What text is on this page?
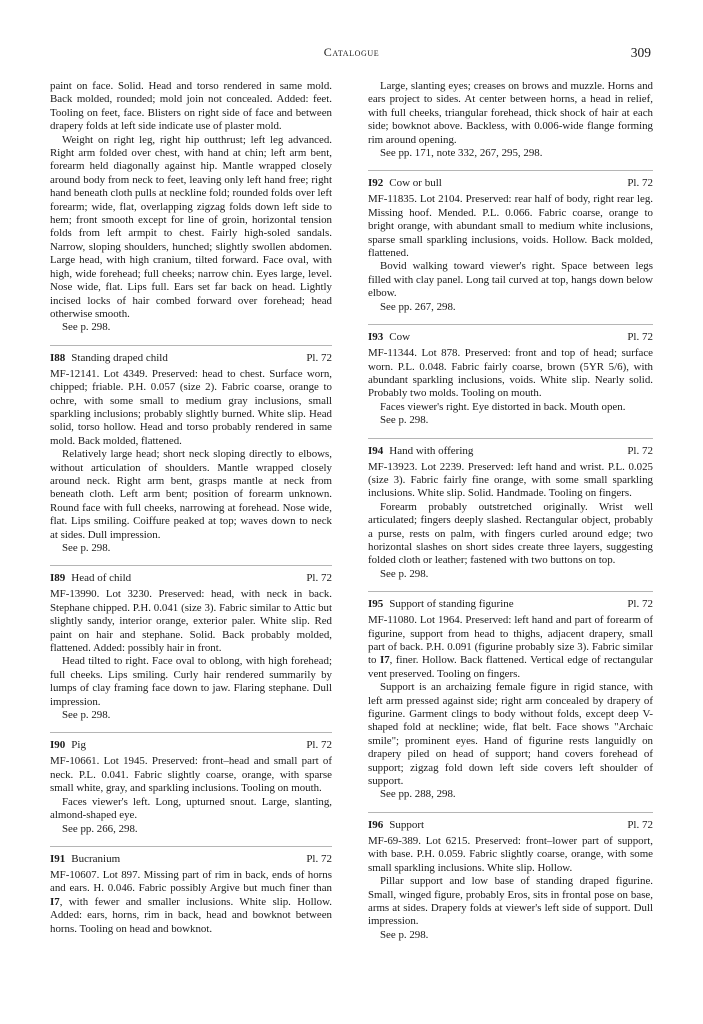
Catalogue	309

paint on face. Solid. Head and torso rendered in same mold. Back molded, rounded; mold join not concealed. Added: feet. Tooling on feet, face. Blisters on right side of face and between drapery folds at left side indicate use of plaster mold.

Weight on right leg, right hip outthrust; left leg advanced. Right arm folded over chest, with hand at chin; left arm bent, forearm held diagonally against hip. Mantle wrapped closely around body from neck to feet, leaving only left hand free; right hand beneath cloth pulls at neckline fold; rounded folds over left forearm; wide, flat, overlapping zigzag folds down left side to hem; front smooth except for line of groin, horizontal tension folds from left armpit to chest. Fairly high-soled sandals. Narrow, sloping shoulders, hunched; slightly swollen abdomen. Large head, with high cranium, tilted forward. Face oval, with high, wide forehead; full cheeks; narrow chin. Eyes large, level. Nose wide, flat. Lips full. Ears set far back on head. Lightly incised locks of hair combed forward over forehead; head otherwise smooth.

See p. 298.

I88 Standing draped child	Pl. 72

MF-12141. Lot 4349. Preserved: head to chest. Surface worn, chipped; friable. P.H. 0.057 (size 2). Fabric coarse, orange to ochre, with some small to medium gray inclusions, small sparkling inclusions; probably slightly burned. White slip. Head solid, torso hollow. Head and torso probably rendered in same mold. Back molded, flattened.

Relatively large head; short neck sloping directly to elbows, without articulation of shoulders. Mantle wrapped closely around neck. Right arm bent, grasps mantle at neck from beneath cloth. Left arm bent; position of forearm unknown. Round face with full cheeks, narrowing at forehead. Nose wide, flat. Lips smiling. Coiffure peaked at top; waves down to neck at sides. Dull impression.

See p. 298.

I89 Head of child	Pl. 72

MF-13990. Lot 3230. Preserved: head, with neck in back. Stephane chipped. P.H. 0.041 (size 3). Fabric similar to Attic but slightly sandy, interior orange, exterior paler. White slip. Red paint on hair and stephane. Solid. Back probably molded, flattened. Added: possibly hair in front.

Head tilted to right. Face oval to oblong, with high forehead; full cheeks. Lips smiling. Curly hair rendered summarily by lumps of clay framing face down to jaw. Flaring stephane. Dull impression.

See p. 298.

I90 Pig	Pl. 72

MF-10661. Lot 1945. Preserved: front–head and small part of neck. P.L. 0.041. Fabric slightly coarse, orange, with sparse small white, gray, and sparkling inclusions. Tooling on mouth.

Faces viewer's left. Long, upturned snout. Large, slanting, almond-shaped eye.

See pp. 266, 298.

I91 Bucranium	Pl. 72

MF-10607. Lot 897. Missing part of rim in back, ends of horns and ears. H. 0.046. Fabric possibly Argive but much finer than I7, with fewer and smaller inclusions. White slip. Hollow. Added: ears, horns, rim in back, head and bowknot between horns. Tooling on head and bowknot.

Large, slanting eyes; creases on brows and muzzle. Horns and ears project to sides. At center between horns, a head in relief, with full cheeks, triangular forehead, thick shock of hair at each side; bowknot above. Backless, with 0.006-wide flange forming rim around opening.

See pp. 171, note 332, 267, 295, 298.

I92 Cow or bull	Pl. 72

MF-11835. Lot 2104. Preserved: rear half of body, right rear leg. Missing hoof. Mended. P.L. 0.066. Fabric coarse, orange to bright orange, with abundant small to medium white inclusions, sparse small sparkling inclusions, voids. Hollow. Back molded, flattened.

Bovid walking toward viewer's right. Space between legs filled with clay panel. Long tail curved at top, hangs down below elbow.

See pp. 267, 298.

I93 Cow	Pl. 72

MF-11344. Lot 878. Preserved: front and top of head; surface worn. P.L. 0.048. Fabric fairly coarse, brown (5YR 5/6), with abundant sparkling inclusions, voids. White slip. Nearly solid. Probably two molds. Tooling on mouth.

Faces viewer's right. Eye distorted in back. Mouth open.

See p. 298.

I94 Hand with offering	Pl. 72

MF-13923. Lot 2239. Preserved: left hand and wrist. P.L. 0.025 (size 3). Fabric fairly fine orange, with some small sparkling inclusions. White slip. Solid. Handmade. Tooling on fingers.

Forearm probably outstretched originally. Wrist well articulated; fingers deeply slashed. Rectangular object, probably a purse, rests on palm, with fingers curled around edge; two horizontal slashes on short sides create three layers, suggesting folded cloth or leather; fastened with two buttons on top.

See p. 298.

I95 Support of standing figurine	Pl. 72

MF-11080. Lot 1964. Preserved: left hand and part of forearm of figurine, support from head to thighs, adjacent drapery, small part of back. P.H. 0.091 (figurine probably size 3). Fabric similar to I7, finer. Hollow. Back flattened. Vertical edge of rectangular vent preserved. Tooling on fingers.

Support is an archaizing female figure in rigid stance, with left arm pressed against side; right arm concealed by drapery of figurine. Garment clings to body without folds, except deep V-shaped fold at neckline; wide, flat belt. Face shows "Archaic smile"; prominent eyes. Hand of figurine rests languidly on drapery piled on head of support; hand covers forehead of support; zigzag fold down left side covers left shoulder of support.

See pp. 288, 298.

I96 Support	Pl. 72

MF-69-389. Lot 6215. Preserved: front–lower part of support, with base. P.H. 0.059. Fabric slightly coarse, orange, with some small sparkling inclusions. White slip. Hollow.

Pillar support and low base of standing draped figurine. Small, winged figure, probably Eros, sits in frontal pose on base, arms at sides. Drapery folds at viewer's left side of support. Dull impression.

See p. 298.
